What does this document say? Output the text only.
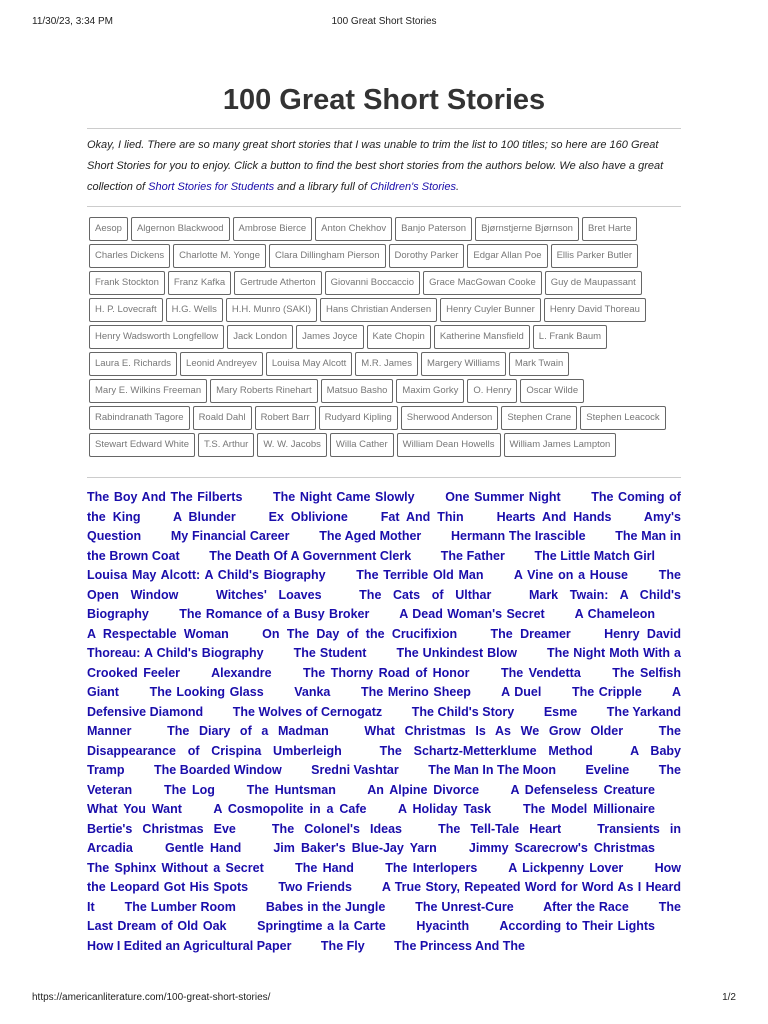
11/30/23, 3:34 PM	100 Great Short Stories
100 Great Short Stories

Okay, I lied. There are so many great short stories that I was unable to trim the list to 100 titles; so here are 160 Great Short Stories for you to enjoy. Click a button to find the best short stories from the authors below. We also have a great collection of Short Stories for Students and a library full of Children's Stories.

Aesop	Algernon Blackwood	Ambrose Bierce	Anton Chekhov	Banjo Paterson	Bjørnstjerne Bjørnson	Bret Harte
Charles Dickens	Charlotte M. Yonge	Clara Dillingham Pierson	Dorothy Parker	Edgar Allan Poe	Ellis Parker Butler
Frank Stockton	Franz Kafka	Gertrude Atherton	Giovanni Boccaccio	Grace MacGowan Cooke	Guy de Maupassant
H. P. Lovecraft	H.G. Wells	H.H. Munro (SAKI)	Hans Christian Andersen	Henry Cuyler Bunner	Henry David Thoreau
Henry Wadsworth Longfellow	Jack London	James Joyce	Kate Chopin	Katherine Mansfield	L. Frank Baum
Laura E. Richards	Leonid Andreyev	Louisa May Alcott	M.R. James	Margery Williams	Mark Twain
Mary E. Wilkins Freeman	Mary Roberts Rinehart	Matsuo Basho	Maxim Gorky	O. Henry	Oscar Wilde
Rabindranath Tagore	Roald Dahl	Robert Barr	Rudyard Kipling	Sherwood Anderson	Stephen Crane	Stephen Leacock
Stewart Edward White	T.S. Arthur	W. W. Jacobs	Willa Cather	William Dean Howells	William James Lampton
The Boy And The Filberts The Night Came Slowly One Summer Night The Coming of the King	A Blunder	Ex Oblivione	Fat And Thin	Hearts And Hands	Amy's Question My Financial Career The Aged Mother Hermann The Irascible The Man in the Brown Coat The Death Of A Government Clerk The Father The Little Match Girl Louisa May Alcott: A Child's Biography The Terrible Old Man A Vine on a House The Open Window	Witches' Loaves	The Cats of Ulthar	Mark Twain: A Child's Biography The Romance of a Busy Broker A Dead Woman's Secret A Chameleon A Respectable Woman	On The Day of the Crucifixion	The Dreamer	Henry David Thoreau: A Child's Biography The Student The Unkindest Blow The Night Moth With a Crooked Feeler Alexandre	The Thorny Road of Honor	The Vendetta	The Selfish Giant The Looking Glass Vanka The Merino Sheep A Duel The Cripple A Defensive Diamond The Wolves of Cernogatz The Child's Story Esme The Yarkand Manner	The Diary of a Madman	What Christmas Is As We Grow Older	The Disappearance of Crispina Umberleigh	The Schartz-Metterklume Method	A Baby Tramp The Boarded Window Sredni Vashtar The Man In The Moon Eveline The Veteran	The Log	The Huntsman	An Alpine Divorce	A Defenseless Creature What You Want	A Cosmopolite in a Cafe	A Holiday Task	The Model Millionaire Bertie's Christmas Eve	The Colonel's Ideas	The Tell-Tale Heart	Transients in Arcadia	Gentle Hand	Jim Baker's Blue-Jay Yarn	Jimmy Scarecrow's Christmas The Sphinx Without a Secret	The Hand	The Interlopers A Lickpenny Lover	How the Leopard Got His Spots Two Friends A True Story, Repeated Word for Word As I Heard It The Lumber Room Babes in the Jungle The Unrest-Cure After the Race The Last Dream of Old Oak Springtime a la Carte Hyacinth According to Their Lights How I Edited an Agricultural Paper The Fly The Princess And The
https://americanliterature.com/100-great-short-stories/	1/2
